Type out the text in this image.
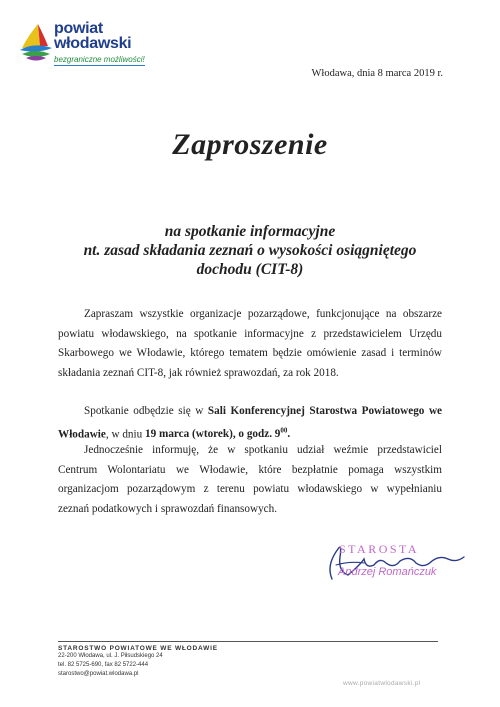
powiat
włodawski
bezgraniczne możliwości!
Włodawa, dnia 8 marca 2019 r.
Zaproszenie
na spotkanie informacyjne
nt. zasad składania zeznań o wysokości osiągniętego
dochodu (CIT-8)
Zapraszam wszystkie organizacje pozarządowe, funkcjonujące na obszarze
powiatu włodawskiego, na spotkanie informacyjne z przedstawicielem Urzędu
Skarbowego we Włodawie, którego tematem będzie omówienie zasad i terminów
składania zeznań CIT-8, jak również sprawozdań, za rok 2018.
Spotkanie odbędzie się w Sali Konferencyjnej Starostwa Powiatowego we
Włodawie, w dniu 19 marca (wtorek), o godz. $9^{00}$.
Jednocześnie informuję, że w spotkaniu udział weźmie przedstawiciel
Centrum Wolontariatu we Włodawie, które bezpłatnie pomaga wszystkim
organizacjom pozarządowym z terenu powiatu włodawskiego w wypełnianiu
zeznań podatkowych i sprawozdań finansowych.
STAROSTA
Andrzej Romańczuk
STAROSTWO POWIATOWE WE WŁODAWIE
22-200 Włodawa, ul. J. Piłsudskiego 24
tel. 82 5725-690, fax 82 5722-444
starostwo@powiat.wlodawa.pl
www.powiatwlodawski.pl
